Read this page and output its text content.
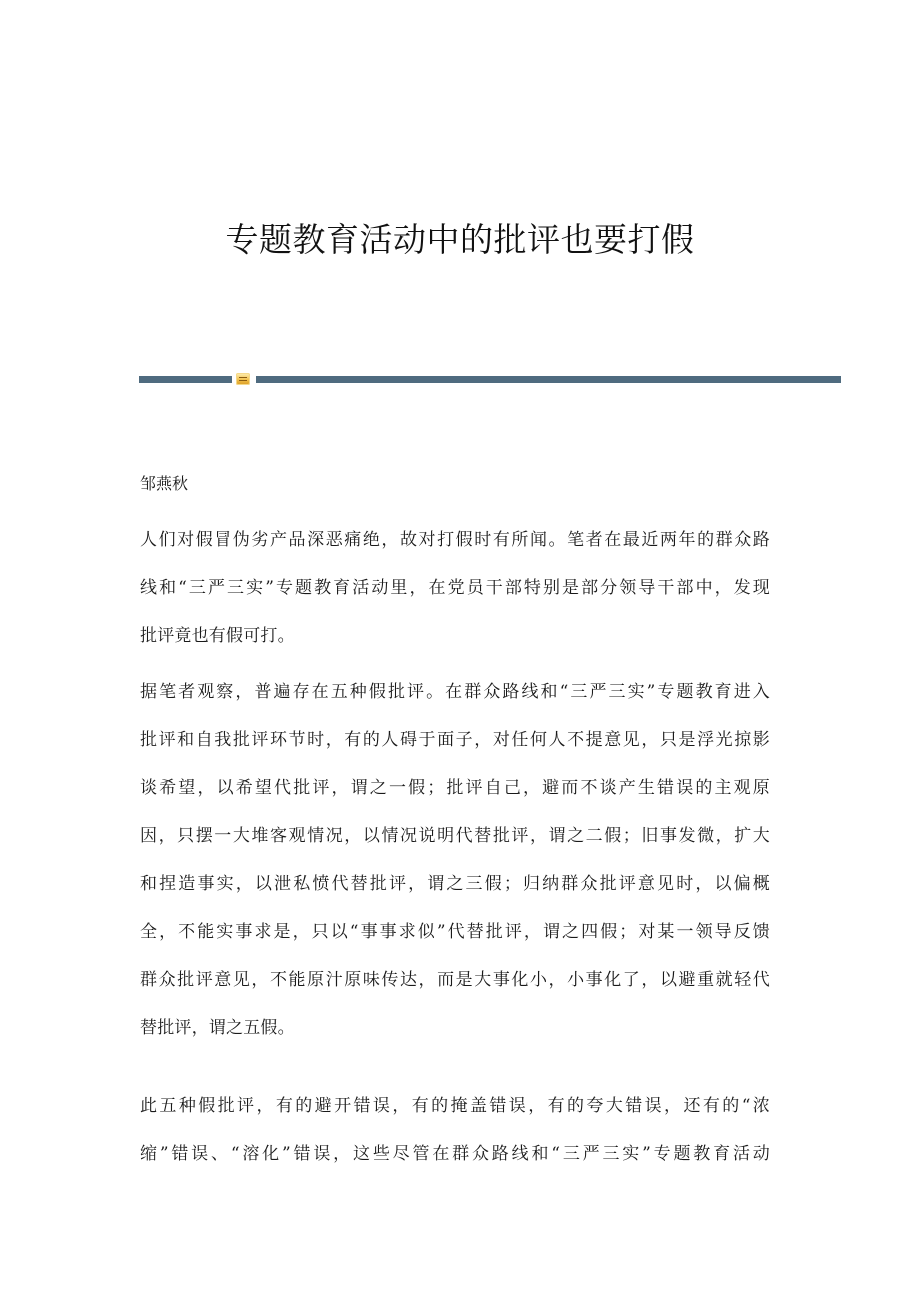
专题教育活动中的批评也要打假
邹燕秋
人们对假冒伪劣产品深恶痛绝，故对打假时有所闻。笔者在最近两年的群众路
线和“三严三实”专题教育活动里，在党员干部特别是部分领导干部中，发现
批评竟也有假可打。
据笔者观察，普遍存在五种假批评。在群众路线和“三严三实”专题教育进入
批评和自我批评环节时，有的人碍于面子，对任何人不提意见，只是浮光掠影
谈希望，以希望代批评，谓之一假；批评自己，避而不谈产生错误的主观原
因，只摆一大堆客观情况，以情况说明代替批评，谓之二假；旧事发微，扩大
和捏造事实，以泄私愤代替批评，谓之三假；归纳群众批评意见时，以偏概
全，不能实事求是，只以“事事求似”代替批评，谓之四假；对某一领导反馈
群众批评意见，不能原汁原味传达，而是大事化小，小事化了，以避重就轻代
替批评，谓之五假。
此五种假批评，有的避开错误，有的掩盖错误，有的夸大错误，还有的“浓
缩”错误、“溶化”错误，这些尽管在群众路线和“三严三实”专题教育活动
